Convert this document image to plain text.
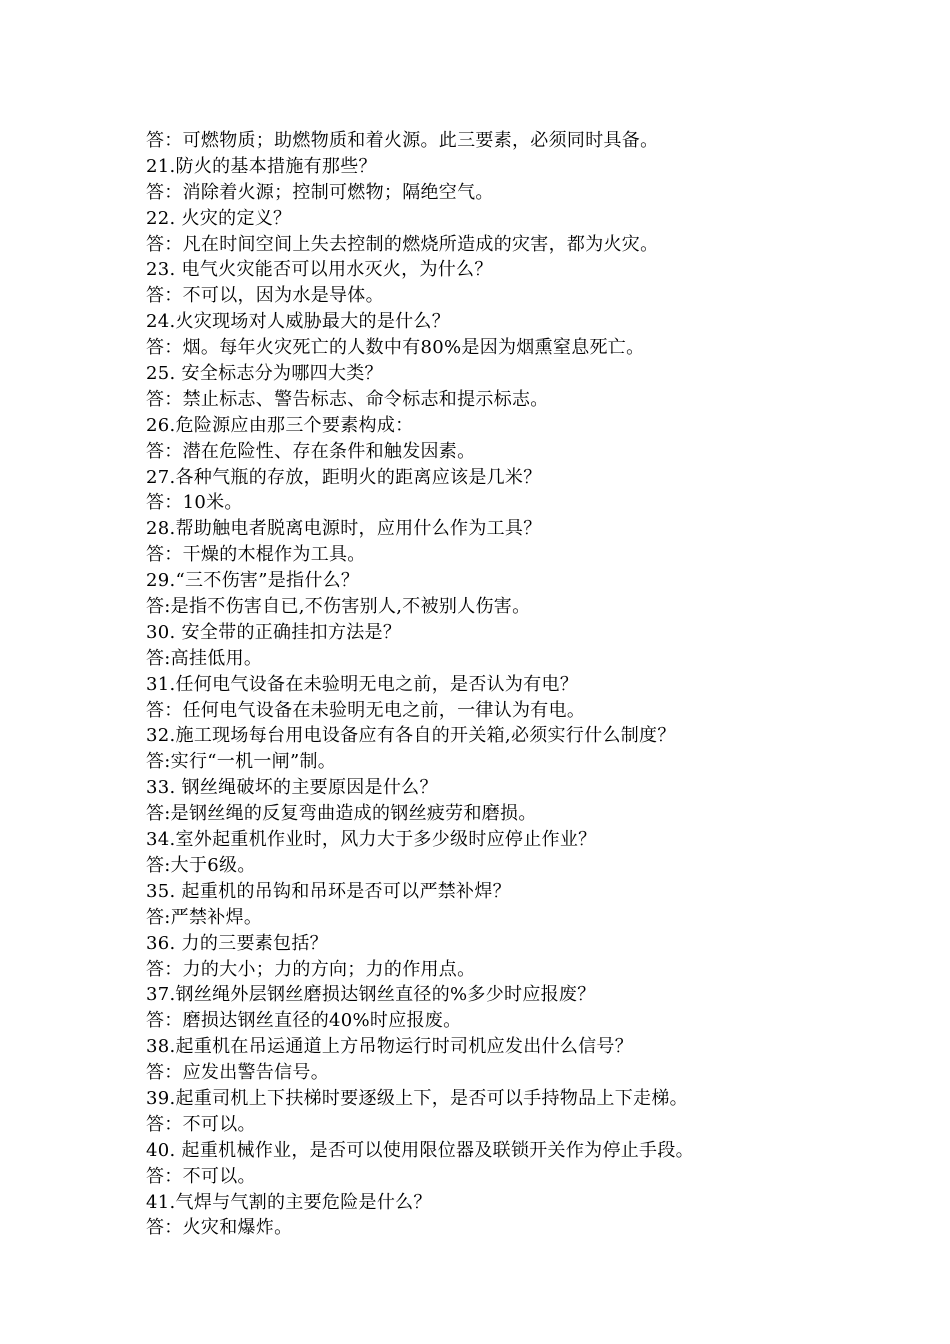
答：可燃物质；助燃物质和着火源。此三要素，必须同时具备。
21.防火的基本措施有那些？
答：消除着火源；控制可燃物；隔绝空气。
22. 火灾的定义？
答：凡在时间空间上失去控制的燃烧所造成的灾害，都为火灾。
23. 电气火灾能否可以用水灭火，为什么？
答：不可以，因为水是导体。
24.火灾现场对人威胁最大的是什么？
答：烟。每年火灾死亡的人数中有80%是因为烟熏窒息死亡。
25. 安全标志分为哪四大类？
答：禁止标志、警告标志、命令标志和提示标志。
26.危险源应由那三个要素构成：
答：潜在危险性、存在条件和触发因素。
27.各种气瓶的存放，距明火的距离应该是几米？
答：10米。
28.帮助触电者脱离电源时，应用什么作为工具？
答：干燥的木棍作为工具。
29.“三不伤害”是指什么？
答:是指不伤害自已,不伤害别人,不被别人伤害。
30. 安全带的正确挂扣方法是？
答:高挂低用。
31.任何电气设备在未验明无电之前，是否认为有电？
答：任何电气设备在未验明无电之前，一律认为有电。
32.施工现场每台用电设备应有各自的开关箱,必须实行什么制度？
答:实行“一机一闸”制。
33. 钢丝绳破坏的主要原因是什么？
答:是钢丝绳的反复弯曲造成的钢丝疲劳和磨损。
34.室外起重机作业时，风力大于多少级时应停止作业？
答:大于6级。
35. 起重机的吊钩和吊环是否可以严禁补焊？
答:严禁补焊。
36. 力的三要素包括？
答：力的大小；力的方向；力的作用点。
37.钢丝绳外层钢丝磨损达钢丝直径的%多少时应报废？
答：磨损达钢丝直径的40%时应报废。
38.起重机在吊运通道上方吊物运行时司机应发出什么信号？
答：应发出警告信号。
39.起重司机上下扶梯时要逐级上下，是否可以手持物品上下走梯。
答：不可以。
40. 起重机械作业，是否可以使用限位器及联锁开关作为停止手段。
答：不可以。
41.气焊与气割的主要危险是什么？
答：火灾和爆炸。
